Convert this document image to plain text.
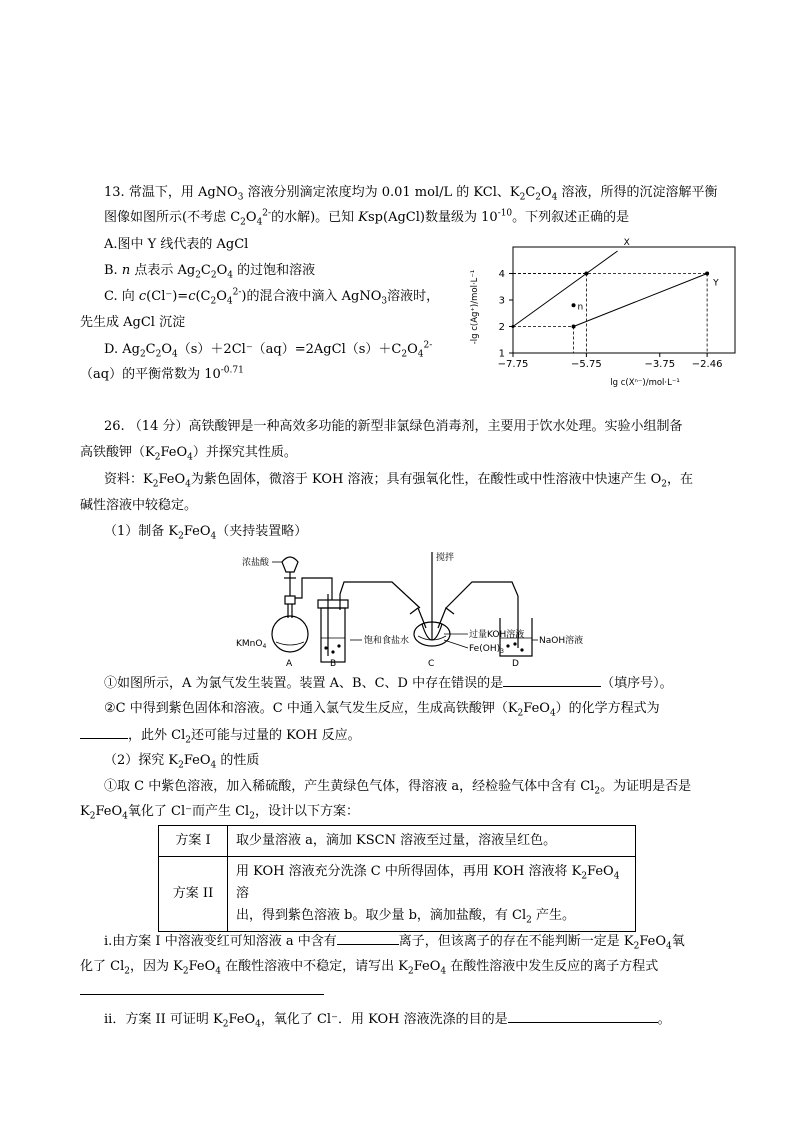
13. 常温下，用 AgNO$_3$ 溶液分别滴定浓度均为 0.01 mol/L 的 KCl、$K_2C_2O_4$ 溶液，所得的沉淀溶解平衡
图像如图所示(不考虑 $C_2O_4^{2-}$的水解)。已知 Ksp(AgCl)数量级为 $10^{-10}$。下列叙述正确的是
A.图中 Y 线代表的 AgCl
B. n 点表示 $Ag_2C_2O_4$ 的过饱和溶液
C. 向 $c(Cl^-)=c(C_2O_4^{2-})$的混合液中滴入 AgNO$_3$溶液时，
先生成 AgCl 沉淀
D. $Ag_2C_2O_4(s)+2Cl^-(aq)=2AgCl(s)+C_2O_4^{2-}$
（aq）的平衡常数为 $10^{-0.71}$
1
2
3
4
−7.75	−5.75	−3.75 −2.46
X
Y
n
-lg c(Ag⁺)/mol·L⁻¹
lg c(Xⁿ⁻)/mol·L⁻¹
26. （14 分）高铁酸钾是一种高效多功能的新型非氯绿色消毒剂，主要用于饮水处理。实验小组制备
高铁酸钾$(K_2FeO_4)$并探究其性质。
资料：$K_2FeO_4$为紫色固体，微溶于 KOH 溶液；具有强氧化性，在酸性或中性溶液中快速产生 $O_2$，在
碱性溶液中较稳定。
（1）制备 $K_2FeO_4$（夹持装置略）
浓盐酸
KMnO$_4$
饱和食盐水
搅拌
过量KOH溶液
$Fe(OH)_3$
NaOH溶液
A	B	C	D
①如图所示，A 为氯气发生装置。装置 A、B、C、D 中存在错误的是	（填序号）。
②C 中得到紫色固体和溶液。C 中通入氯气发生反应，生成高铁酸钾$(K_2FeO_4)$的化学方程式为
，此外 $Cl_2$还可能与过量的 KOH 反应。
（2）探究 $K_2FeO_4$ 的性质
①取 C 中紫色溶液，加入稀硫酸，产生黄绿色气体，得溶液 a，经检验气体中含有 $Cl_2$。为证明是否是
$K_2FeO_4$氧化了 Cl⁻而产生 $Cl_2$，设计以下方案：
方案 I	取少量溶液 a，滴加 KSCN 溶液至过量，溶液呈红色。
方案 II	用 KOH 溶液充分洗涤 C 中所得固体，再用 KOH 溶液将 $K_2FeO_4$ 溶
出，得到紫色溶液 b。取少量 b，滴加盐酸，有 $Cl_2$ 产生。
i.由方案 I 中溶液变红可知溶液 a 中含有	离子，但该离子的存在不能判断一定是 $K_2FeO_4$氧
化了 $Cl_2$，因为 $K_2FeO_4$ 在酸性溶液中不稳定，请写出 $K_2FeO_4$ 在酸性溶液中发生反应的离子方程式
ii．方案 II 可证明 $K_2FeO_4$，氧化了 Cl⁻．用 KOH 溶液洗涤的目的是	。
